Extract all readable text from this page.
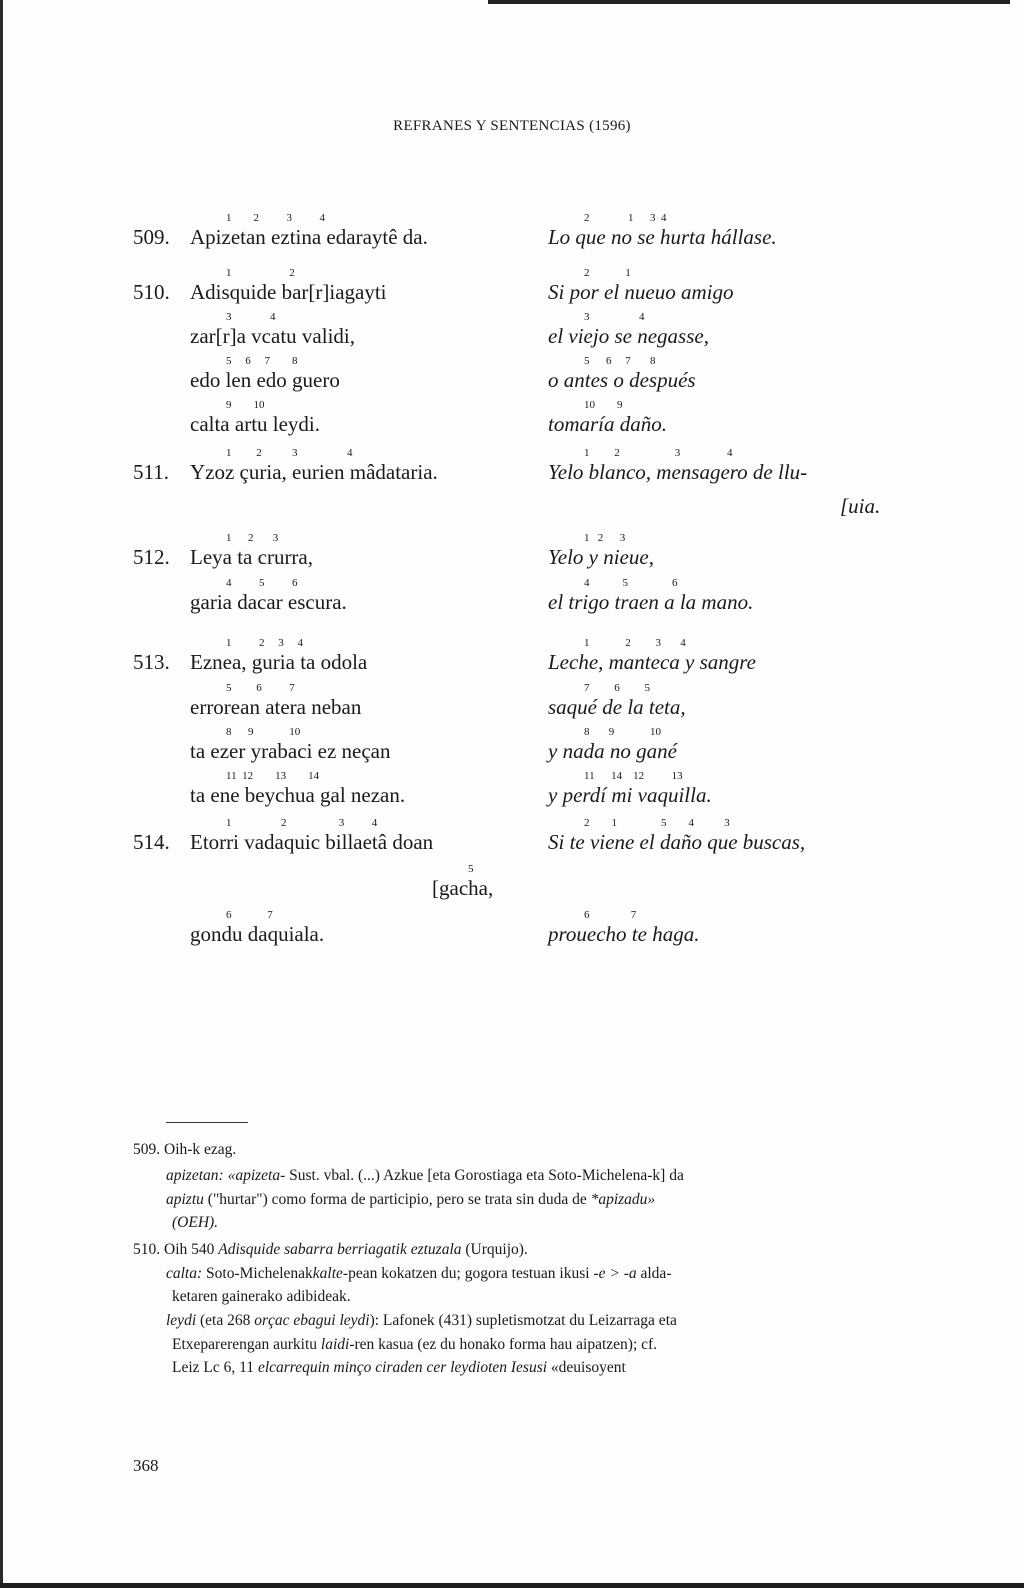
REFRANES Y SENTENCIAS (1596)
509.
1        2          3          4
Apizetan eztina edaraytê da.
2              1      3  4
Lo que no se hurta hállase.
510.
1                     2
Adisquide bar[r]iagayti
3              4
zar[r]a vcatu validi,
5     6     7        8
edo len edo guero
9        10
calta artu leydi.
2             1
Si por el nueuo amigo
3                  4
el viejo se negasse,
5      6     7       8
o antes o después
10        9
tomaría daño.
511.
1         2           3                  4
Yzoz çuria, eurien mâdataria.
1         2                    3                 4
Yelo blanco, mensagero de llu-
[uia.
512.
1      2       3
Leya ta crurra,
4          5          6
garia dacar escura.
1   2      3
Yelo y nieue,
4            5                6
el trigo traen a la mano.
513.
1          2     3     4
Eznea, guria ta odola
5         6          7
errorean atera neban
8      9             10
ta ezer yrabaci ez neçan
11  12        13        14
ta ene beychua gal nezan.
1             2         3       4
Leche, manteca y sangre
7         6         5
saqué de la teta,
8       9             10
y nada no gané
11      14    12          13
y perdí mi vaquilla.
514.
1                  2                   3          4
Etorri vadaquic billaetâ doan
5
[gacha,
6             7
gondu daquiala.
2        1                5        4           3
Si te viene el daño que buscas,
6               7
prouecho te haga.
509. Oih-k ezag.
apizetan: «apizeta- Sust. vbal. (...) Azkue [eta Gorostiaga eta Soto-Michelena-k] da
apiztu ("hurtar") como forma de participio, pero se trata sin duda de *apizadu»
(OEH).
510. Oih 540 Adisquide sabarra berriagatik eztuzala (Urquijo).
calta: Soto-Michelenakkalte-pean kokatzen du; gogora testuan ikusi -e > -a alda-
ketaren gainerako adibideak.
leydi (eta 268 orçac ebagui leydi): Lafonek (431) supletismotzat du Leizarraga eta
Etxeparerengan aurkitu laidi-ren kasua (ez du honako forma hau aipatzen); cf.
Leiz Lc 6, 11 elcarrequin minço ciraden cer leydioten Iesusi «deuisoyent
368
